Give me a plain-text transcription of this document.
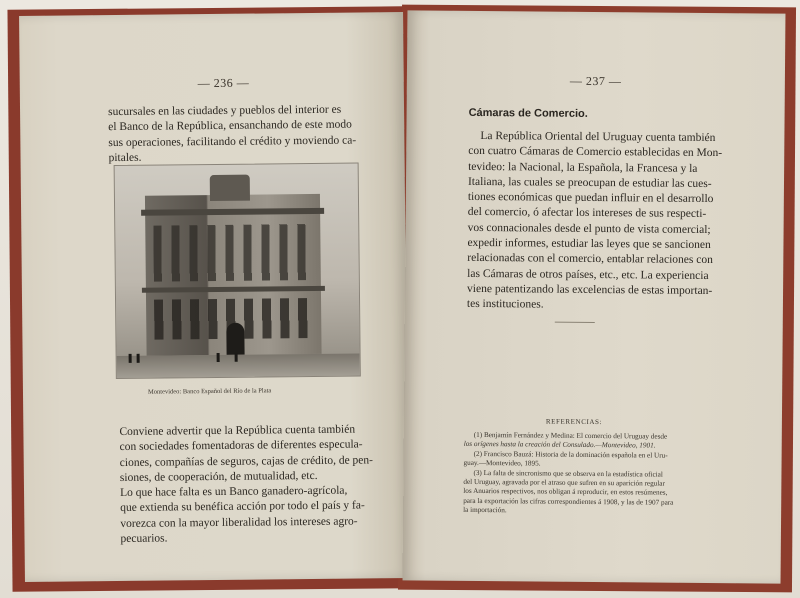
— 236 —
sucursales en las ciudades y pueblos del interior es
el Banco de la República, ensanchando de este modo
sus operaciones, facilitando el crédito y moviendo ca-
pitales.
Montevideo: Banco Español del Río de la Plata
Conviene advertir que la República cuenta también
con sociedades fomentadoras de diferentes especula-
ciones, compañías de seguros, cajas de crédito, de pen-
siones, de cooperación, de mutualidad, etc.
Lo que hace falta es un Banco ganadero-agrícola,
que extienda su benéfica acción por todo el país y fa-
vorezca con la mayor liberalidad los intereses agro-
pecuarios.
— 237 —
Cámaras de Comercio.
La República Oriental del Uruguay cuenta también
con cuatro Cámaras de Comercio establecidas en Mon-
tevideo: la Nacional, la Española, la Francesa y la
Italiana, las cuales se preocupan de estudiar las cues-
tiones económicas que puedan influir en el desarrollo
del comercio, ó afectar los intereses de sus respecti-
vos connacionales desde el punto de vista comercial;
expedir informes, estudiar las leyes que se sancionen
relacionadas con el comercio, entablar relaciones con
las Cámaras de otros países, etc., etc. La experiencia
viene patentizando las excelencias de estas importan-
tes instituciones.
REFERENCIAS:
(1) Benjamín Fernández y Medina: El comercio del Uruguay desde
los orígenes hasta la creación del Consulado.—Montevideo, 1901.
(2) Francisco Bauzá: Historia de la dominación española en el Uru-
guay.—Montevideo, 1895.
(3) La falta de sincronismo que se observa en la estadística oficial
del Uruguay, agravada por el atraso que sufren en su aparición regular
los Anuarios respectivos, nos obligan á reproducir, en estos resúmenes,
para la exportación las cifras correspondientes á 1908, y las de 1907 para
la importación.
